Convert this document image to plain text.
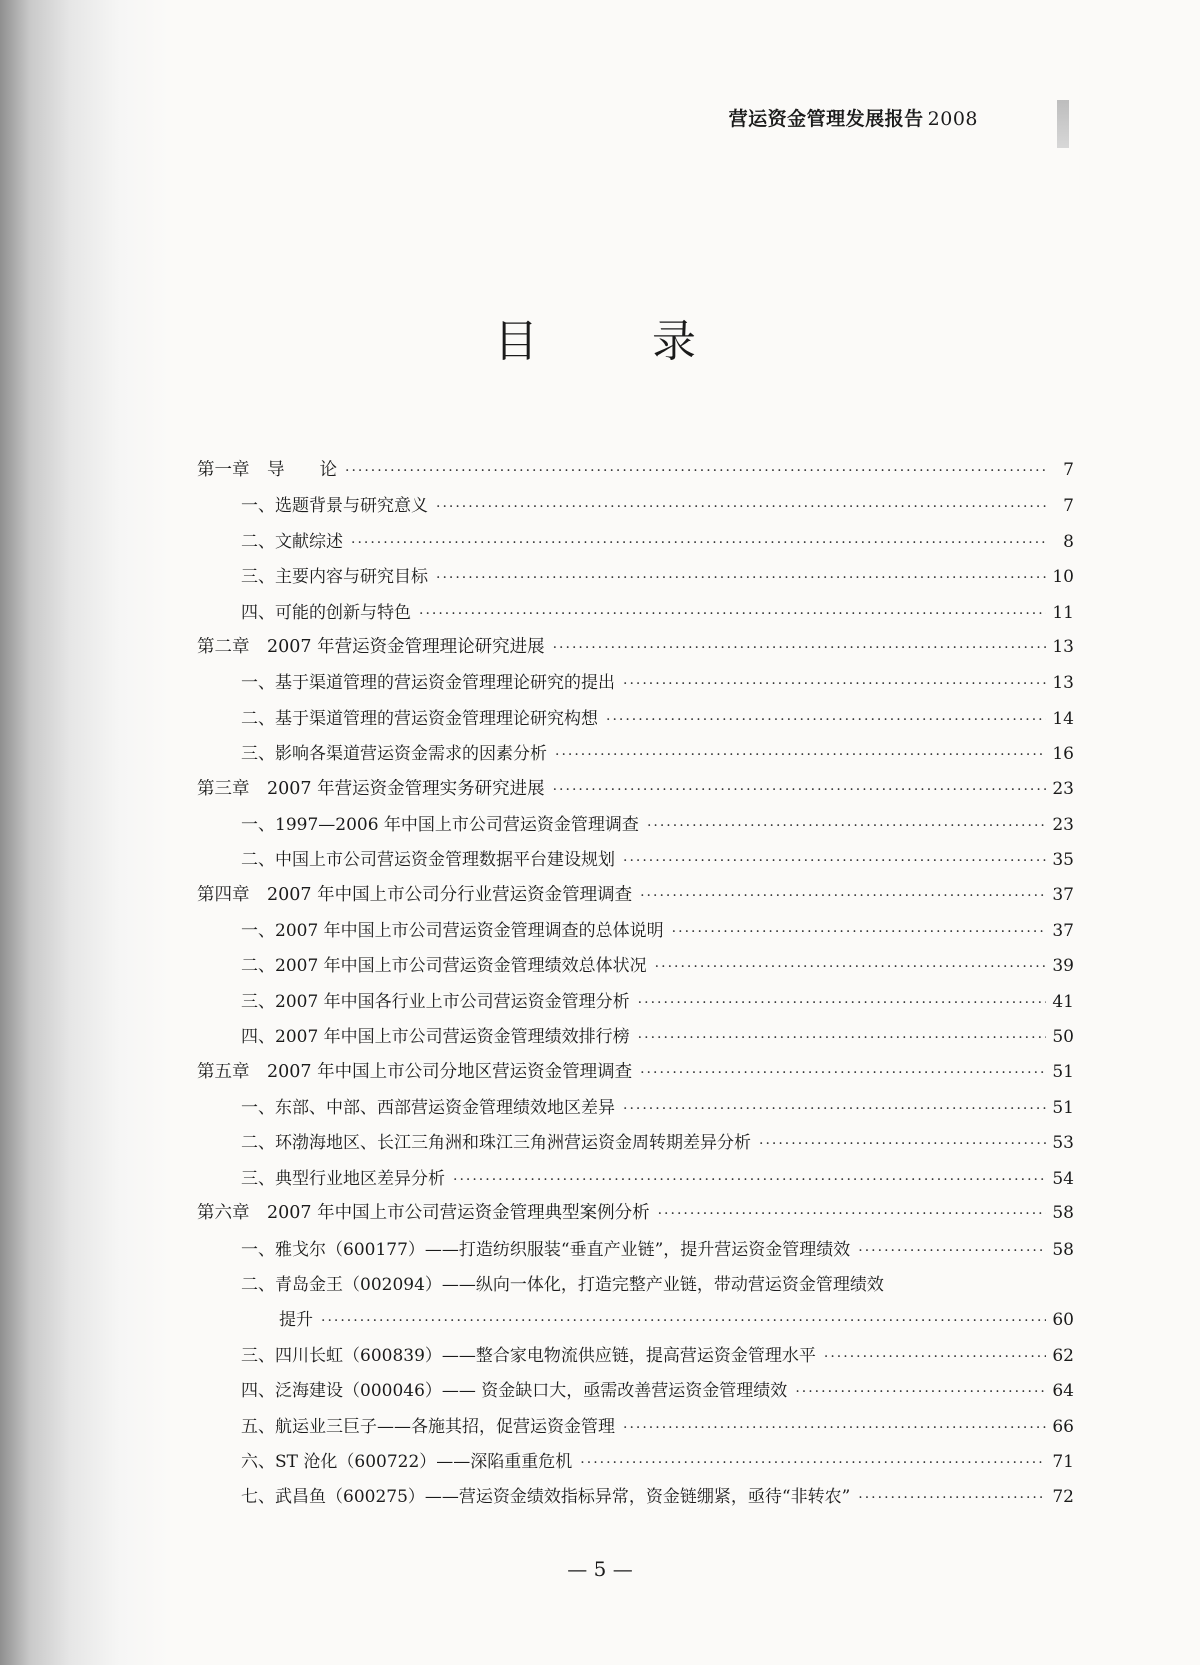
营运资金管理发展报告 2008
目 录
第一章　导　　论 ·····	7
一、选题背景与研究意义 ·····	7
二、文献综述 ·····	8
三、主要内容与研究目标 ·····	10
四、可能的创新与特色 ·····	11
第二章　2007 年营运资金管理理论研究进展 ·····	13
一、基于渠道管理的营运资金管理理论研究的提出 ·····	13
二、基于渠道管理的营运资金管理理论研究构想 ·····	14
三、影响各渠道营运资金需求的因素分析 ·····	16
第三章　2007 年营运资金管理实务研究进展 ·····	23
一、1997—2006 年中国上市公司营运资金管理调查 ·····	23
二、中国上市公司营运资金管理数据平台建设规划 ·····	35
第四章　2007 年中国上市公司分行业营运资金管理调查 ·····	37
一、2007 年中国上市公司营运资金管理调查的总体说明 ·····	37
二、2007 年中国上市公司营运资金管理绩效总体状况 ·····	39
三、2007 年中国各行业上市公司营运资金管理分析 ·····	41
四、2007 年中国上市公司营运资金管理绩效排行榜 ·····	50
第五章　2007 年中国上市公司分地区营运资金管理调查 ·····	51
一、东部、中部、西部营运资金管理绩效地区差异 ·····	51
二、环渤海地区、长江三角洲和珠江三角洲营运资金周转期差异分析 ·····	53
三、典型行业地区差异分析 ·····	54
第六章　2007 年中国上市公司营运资金管理典型案例分析 ·····	58
一、雅戈尔（600177）——打造纺织服装“垂直产业链”，提升营运资金管理绩效 ·····	58
二、青岛金王（002094）——纵向一体化，打造完整产业链，带动营运资金管理绩效
提升 ·····	60
三、四川长虹（600839）——整合家电物流供应链，提高营运资金管理水平 ·····	62
四、泛海建设（000046）—— 资金缺口大，亟需改善营运资金管理绩效 ·····	64
五、航运业三巨子——各施其招，促营运资金管理 ·····	66
六、ST 沧化（600722）——深陷重重危机 ·····	71
七、武昌鱼（600275）——营运资金绩效指标异常，资金链绷紧，亟待“非转农” ·····	72
— 5 —
